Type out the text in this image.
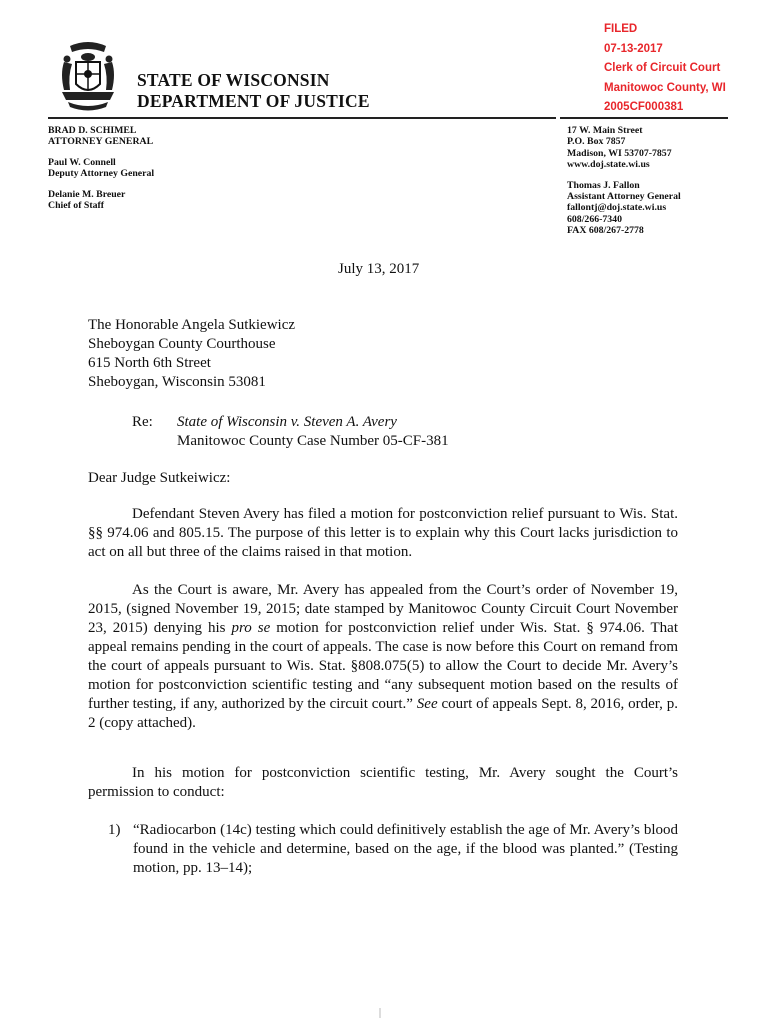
FILED
07-13-2017
Clerk of Circuit Court
Manitowoc County, WI
2005CF000381
STATE OF WISCONSIN
DEPARTMENT OF JUSTICE
BRAD D. SCHIMEL
ATTORNEY GENERAL
Paul W. Connell
Deputy Attorney General
Delanie M. Breuer
Chief of Staff
17 W. Main Street
P.O. Box 7857
Madison, WI 53707-7857
www.doj.state.wi.us
Thomas J. Fallon
Assistant Attorney General
fallontj@doj.state.wi.us
608/266-7340
FAX 608/267-2778
July 13, 2017
The Honorable Angela Sutkiewicz
Sheboygan County Courthouse
615 North 6th Street
Sheboygan, Wisconsin 53081
Re: State of Wisconsin v. Steven A. Avery
Manitowoc County Case Number 05-CF-381
Dear Judge Sutkeiwicz:
Defendant Steven Avery has filed a motion for postconviction relief pursuant to Wis. Stat. §§ 974.06 and 805.15. The purpose of this letter is to explain why this Court lacks jurisdiction to act on all but three of the claims raised in that motion.
As the Court is aware, Mr. Avery has appealed from the Court’s order of November 19, 2015, (signed November 19, 2015; date stamped by Manitowoc County Circuit Court November 23, 2015) denying his pro se motion for postconviction relief under Wis. Stat. § 974.06. That appeal remains pending in the court of appeals. The case is now before this Court on remand from the court of appeals pursuant to Wis. Stat. §808.075(5) to allow the Court to decide Mr. Avery’s motion for postconviction scientific testing and “any subsequent motion based on the results of further testing, if any, authorized by the circuit court.” See court of appeals Sept. 8, 2016, order, p. 2 (copy attached).
In his motion for postconviction scientific testing, Mr. Avery sought the Court’s permission to conduct:
1) “Radiocarbon (14c) testing which could definitively establish the age of Mr. Avery’s blood found in the vehicle and determine, based on the age, if the blood was planted.” (Testing motion, pp. 13–14);
